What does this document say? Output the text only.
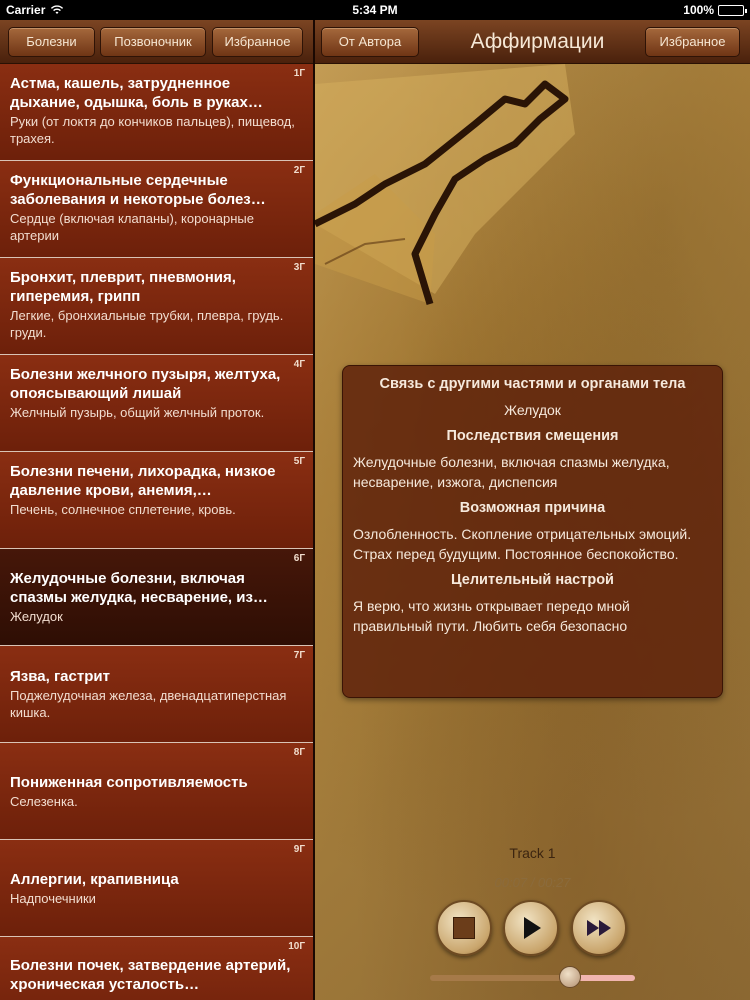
Carrier	5:34 PM	100%
Болезни	Позвоночник	Избранное
1Г
Астма, кашель, затрудненное дыхание, одышка, боль в руках…
Руки (от локтя до кончиков пальцев), пищевод, трахея.
2Г
Функциональные сердечные заболевания и некоторые болез…
Сердце (включая клапаны), коронарные артерии
3Г
Бронхит, плеврит, пневмония, гиперемия, грипп
Легкие, бронхиальные трубки, плевра, грудь. груди.
4Г
Болезни желчного пузыря, желтуха, опоясывающий лишай
Желчный пузырь, общий желчный проток.
5Г
Болезни печени, лихорадка, низкое давление крови, анемия,…
Печень, солнечное сплетение, кровь.
6Г
Желудочные болезни, включая спазмы желудка, несварение, из…
Желудок
7Г
Язва, гастрит
Поджелудочная железа, двенадцатиперстная кишка.
8Г
Пониженная сопротивляемость
Селезенка.
9Г
Аллергии, крапивница
Надпочечники
10Г
Болезни почек, затвердение артерий, хроническая усталость…
От Автора	Аффирмации	Избранное
Связь с другими частями и органами тела
Желудок
Последствия смещения
Желудочные болезни, включая спазмы желудка, несварение, изжога, диспепсия
Возможная причина
Озлобленность. Скопление отрицательных эмоций. Страх перед будущим. Постоянное беспокойство.
Целительный настрой
Я верю, что жизнь открывает передо мной правильный пути. Любить себя безопасно
Track 1
00:07 / 00:27
